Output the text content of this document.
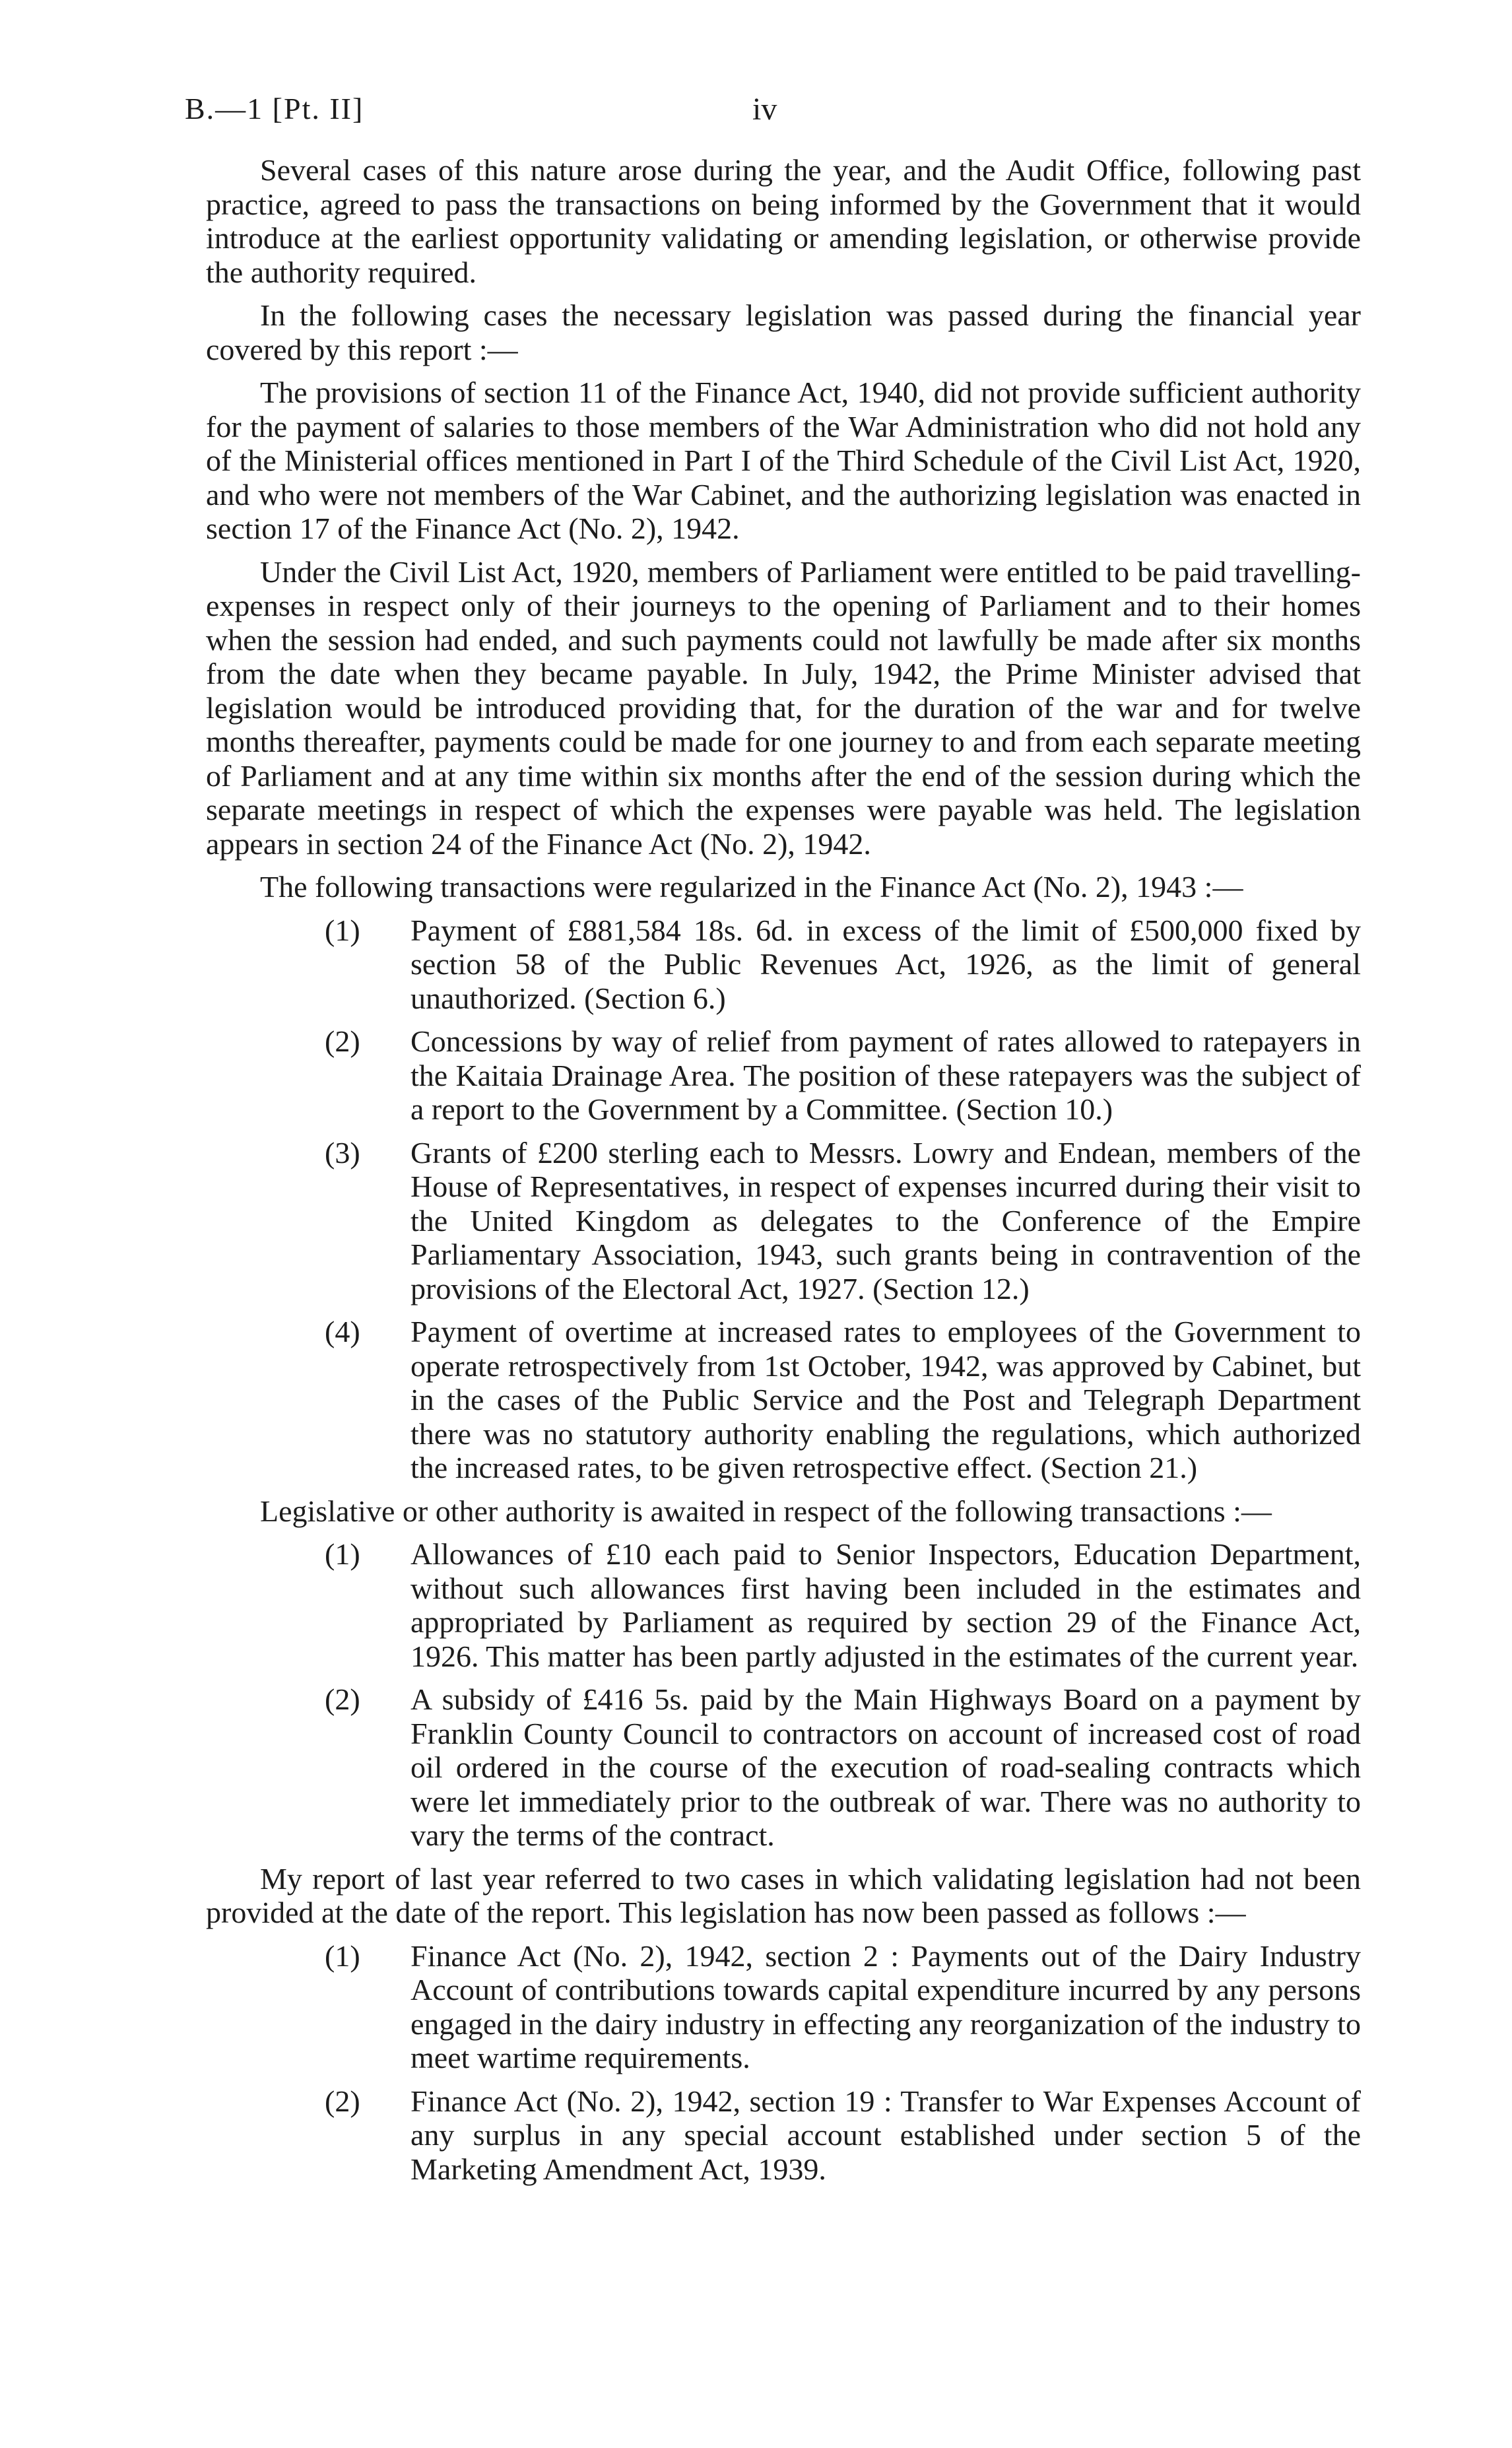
B.—1 [Pt. II]	iv

Several cases of this nature arose during the year, and the Audit Office, following past practice, agreed to pass the transactions on being informed by the Government that it would introduce at the earliest opportunity validating or amending legislation, or otherwise provide the authority required.

In the following cases the necessary legislation was passed during the financial year covered by this report :—

The provisions of section 11 of the Finance Act, 1940, did not provide sufficient authority for the payment of salaries to those members of the War Administration who did not hold any of the Ministerial offices mentioned in Part I of the Third Schedule of the Civil List Act, 1920, and who were not members of the War Cabinet, and the authorizing legislation was enacted in section 17 of the Finance Act (No. 2), 1942.

Under the Civil List Act, 1920, members of Parliament were entitled to be paid travelling-expenses in respect only of their journeys to the opening of Parliament and to their homes when the session had ended, and such payments could not lawfully be made after six months from the date when they became payable. In July, 1942, the Prime Minister advised that legislation would be introduced providing that, for the duration of the war and for twelve months thereafter, payments could be made for one journey to and from each separate meeting of Parliament and at any time within six months after the end of the session during which the separate meetings in respect of which the expenses were payable was held. The legislation appears in section 24 of the Finance Act (No. 2), 1942.

The following transactions were regularized in the Finance Act (No. 2), 1943 :—

(1)	Payment of £881,584 18s. 6d. in excess of the limit of £500,000 fixed by section 58 of the Public Revenues Act, 1926, as the limit of general unauthorized. (Section 6.)
(2)	Concessions by way of relief from payment of rates allowed to ratepayers in the Kaitaia Drainage Area. The position of these ratepayers was the subject of a report to the Government by a Committee. (Section 10.)
(3)	Grants of £200 sterling each to Messrs. Lowry and Endean, members of the House of Representatives, in respect of expenses incurred during their visit to the United Kingdom as delegates to the Conference of the Empire Parliamentary Association, 1943, such grants being in contravention of the provisions of the Electoral Act, 1927. (Section 12.)
(4)	Payment of overtime at increased rates to employees of the Government to operate retrospectively from 1st October, 1942, was approved by Cabinet, but in the cases of the Public Service and the Post and Telegraph Department there was no statutory authority enabling the regulations, which authorized the increased rates, to be given retrospective effect. (Section 21.)

Legislative or other authority is awaited in respect of the following transactions :—

(1)	Allowances of £10 each paid to Senior Inspectors, Education Department, without such allowances first having been included in the estimates and appropriated by Parliament as required by section 29 of the Finance Act, 1926. This matter has been partly adjusted in the estimates of the current year.
(2)	A subsidy of £416 5s. paid by the Main Highways Board on a payment by Franklin County Council to contractors on account of increased cost of road oil ordered in the course of the execution of road-sealing contracts which were let immediately prior to the outbreak of war. There was no authority to vary the terms of the contract.

My report of last year referred to two cases in which validating legislation had not been provided at the date of the report. This legislation has now been passed as follows :—

(1)	Finance Act (No. 2), 1942, section 2 : Payments out of the Dairy Industry Account of contributions towards capital expenditure incurred by any persons engaged in the dairy industry in effecting any reorganization of the industry to meet wartime requirements.
(2)	Finance Act (No. 2), 1942, section 19 : Transfer to War Expenses Account of any surplus in any special account established under section 5 of the Marketing Amendment Act, 1939.
